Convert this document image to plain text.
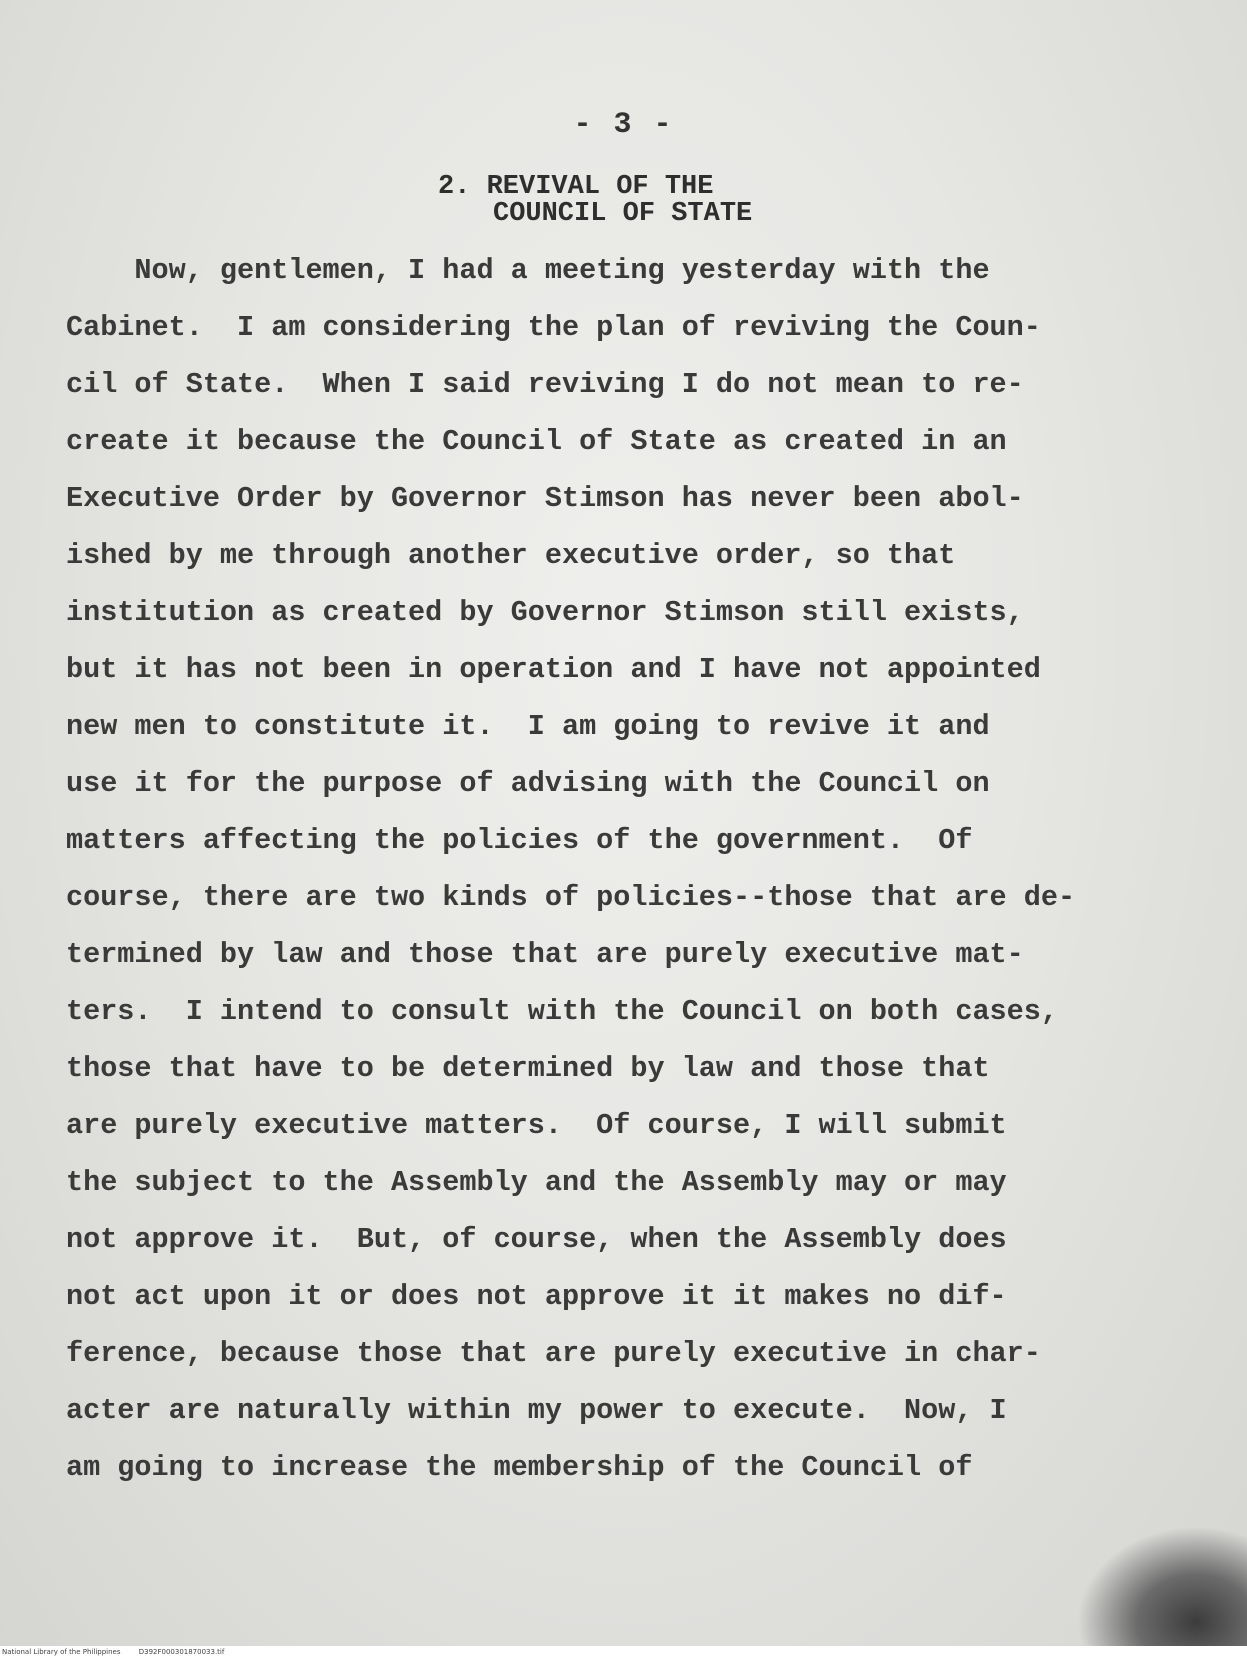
- 3 -
2. REVIVAL OF THE
COUNCIL OF STATE
Now, gentlemen, I had a meeting yesterday with the
Cabinet.  I am considering the plan of reviving the Coun-
cil of State.  When I said reviving I do not mean to re-
create it because the Council of State as created in an
Executive Order by Governor Stimson has never been abol-
ished by me through another executive order, so that
institution as created by Governor Stimson still exists,
but it has not been in operation and I have not appointed
new men to constitute it.  I am going to revive it and
use it for the purpose of advising with the Council on
matters affecting the policies of the government.  Of
course, there are two kinds of policies--those that are de-
termined by law and those that are purely executive mat-
ters.  I intend to consult with the Council on both cases,
those that have to be determined by law and those that
are purely executive matters.  Of course, I will submit
the subject to the Assembly and the Assembly may or may
not approve it.  But, of course, when the Assembly does
not act upon it or does not approve it it makes no dif-
ference, because those that are purely executive in char-
acter are naturally within my power to execute.  Now, I
am going to increase the membership of the Council of
National Library of the Philippines	D392F000301870033.tif
